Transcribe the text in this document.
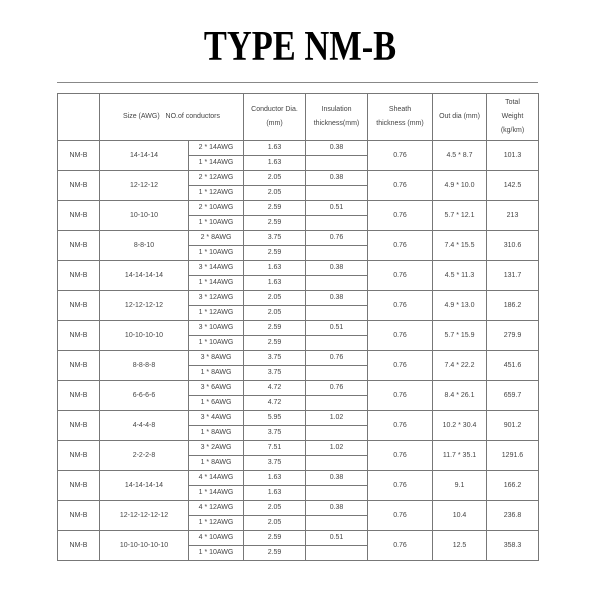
TYPE NM-B
	Size (AWG) NO.of conductors	
Conductor Dia.
(mm)

Insulation
thickness(mm)

Sheath
thickness (mm)
	Out dia (mm)	
Total
Weight
(kg/km)

NM-B	14-14-14	2 * 14AWG	1.63	0.38	0.76	4.5 * 8.7	101.3
		1 * 14AWG	1.63				
NM-B	12-12-12	2 * 12AWG	2.05	0.38	0.76	4.9 * 10.0	142.5
		1 * 12AWG	2.05				
NM-B	10-10-10	2 * 10AWG	2.59	0.51	0.76	5.7 * 12.1	213
		1 * 10AWG	2.59				
NM-B	8-8-10	2 * 8AWG	3.75	0.76	0.76	7.4 * 15.5	310.6
		1 * 10AWG	2.59				
NM-B	14-14-14-14	3 * 14AWG	1.63	0.38	0.76	4.5 * 11.3	131.7
		1 * 14AWG	1.63				
NM-B	12-12-12-12	3 * 12AWG	2.05	0.38	0.76	4.9 * 13.0	186.2
		1 * 12AWG	2.05				
NM-B	10-10-10-10	3 * 10AWG	2.59	0.51	0.76	5.7 * 15.9	279.9
		1 * 10AWG	2.59				
NM-B	8-8-8-8	3 * 8AWG	3.75	0.76	0.76	7.4 * 22.2	451.6
		1 * 8AWG	3.75				
NM-B	6-6-6-6	3 * 6AWG	4.72	0.76	0.76	8.4 * 26.1	659.7
		1 * 6AWG	4.72				
NM-B	4-4-4-8	3 * 4AWG	5.95	1.02	0.76	10.2 * 30.4	901.2
		1 * 8AWG	3.75				
NM-B	2-2-2-8	3 * 2AWG	7.51	1.02	0.76	11.7 * 35.1	1291.6
		1 * 8AWG	3.75				
NM-B	14-14-14-14	4 * 14AWG	1.63	0.38	0.76	9.1	166.2
		1 * 14AWG	1.63				
NM-B	12-12-12-12-12	4 * 12AWG	2.05	0.38	0.76	10.4	236.8
		1 * 12AWG	2.05				
NM-B	10-10-10-10-10	4 * 10AWG	2.59	0.51	0.76	12.5	358.3
		1 * 10AWG	2.59				
